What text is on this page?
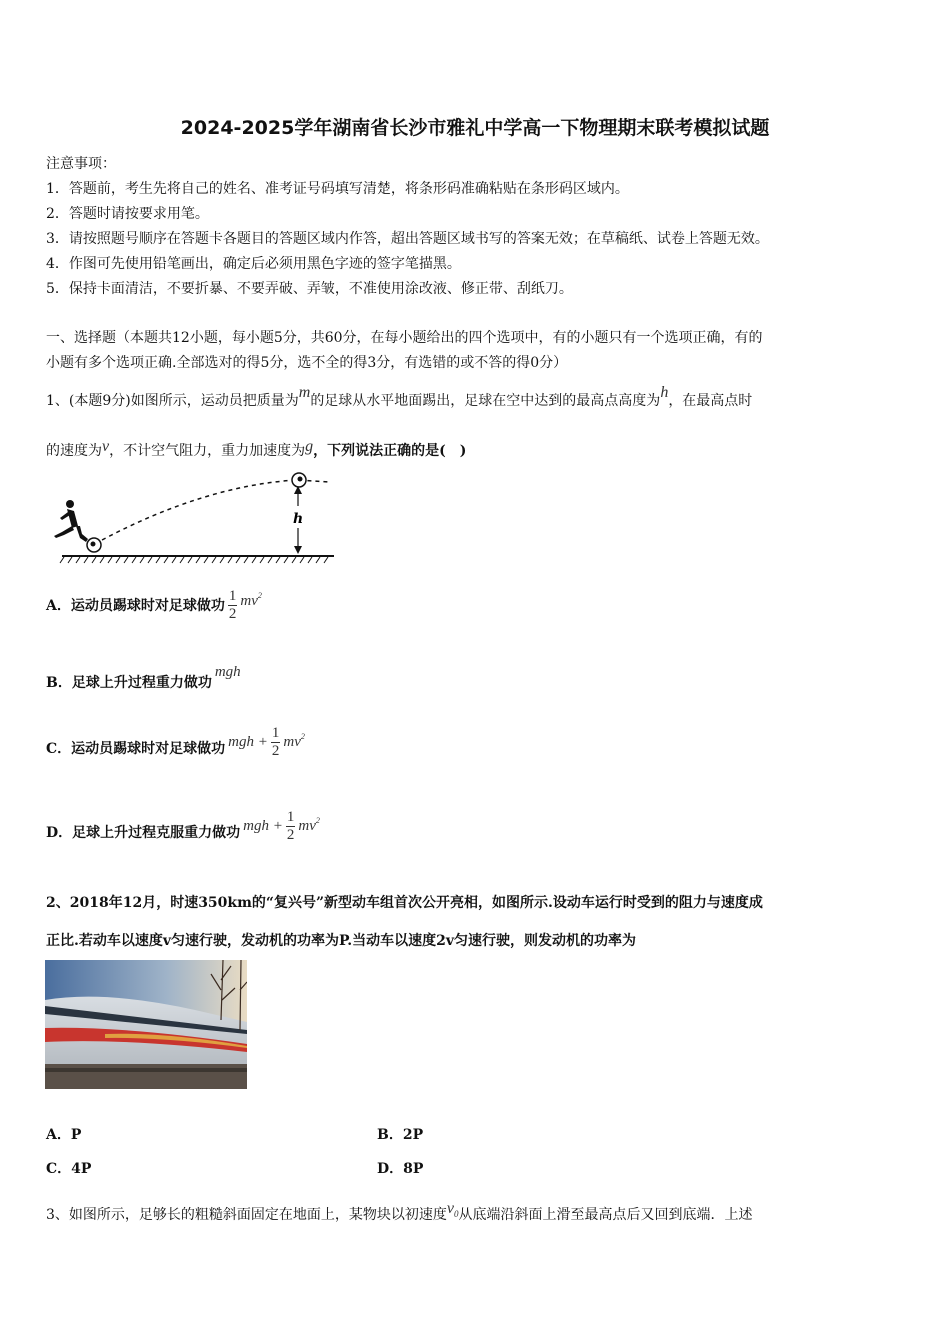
2024-2025学年湖南省长沙市雅礼中学高一下物理期末联考模拟试题
注意事项：
1．答题前，考生先将自己的姓名、准考证号码填写清楚，将条形码准确粘贴在条形码区域内。
2．答题时请按要求用笔。
3．请按照题号顺序在答题卡各题目的答题区域内作答，超出答题区域书写的答案无效；在草稿纸、试卷上答题无效。
4．作图可先使用铅笔画出，确定后必须用黑色字迹的签字笔描黑。
5．保持卡面清洁，不要折暴、不要弄破、弄皱，不准使用涂改液、修正带、刮纸刀。
一、选择题（本题共12小题，每小题5分，共60分，在每小题给出的四个选项中，有的小题只有一个选项正确，有的
小题有多个选项正确.全部选对的得5分，选不全的得3分，有选错的或不答的得0分）
1、(本题9分)如图所示，运动员把质量为m的足球从水平地面踢出，足球在空中达到的最高点高度为h，在最高点时
的速度为v，不计空气阻力，重力加速度为g，下列说法正确的是(　)
h
A．运动员踢球时对足球做功 $\frac{1}{2}$ mv 2
B．足球上升过程重力做功
mgh
C．运动员踢球时对足球做功 mgh + $\frac{1}{2}$ mv 2
D．足球上升过程克服重力做功 mgh + $\frac{1}{2}$ mv 2
2、2018年12月，时速350km的“复兴号”新型动车组首次公开亮相，如图所示.设动车运行时受到的阻力与速度成
正比.若动车以速度v匀速行驶，发动机的功率为P.当动车以速度2v匀速行驶，则发动机的功率为
A．P	B．2P
C．4P	D．8P
3、如图所示，足够长的粗糙斜面固定在地面上，某物块以初速度v0从底端沿斜面上滑至最高点后又回到底端．上述
